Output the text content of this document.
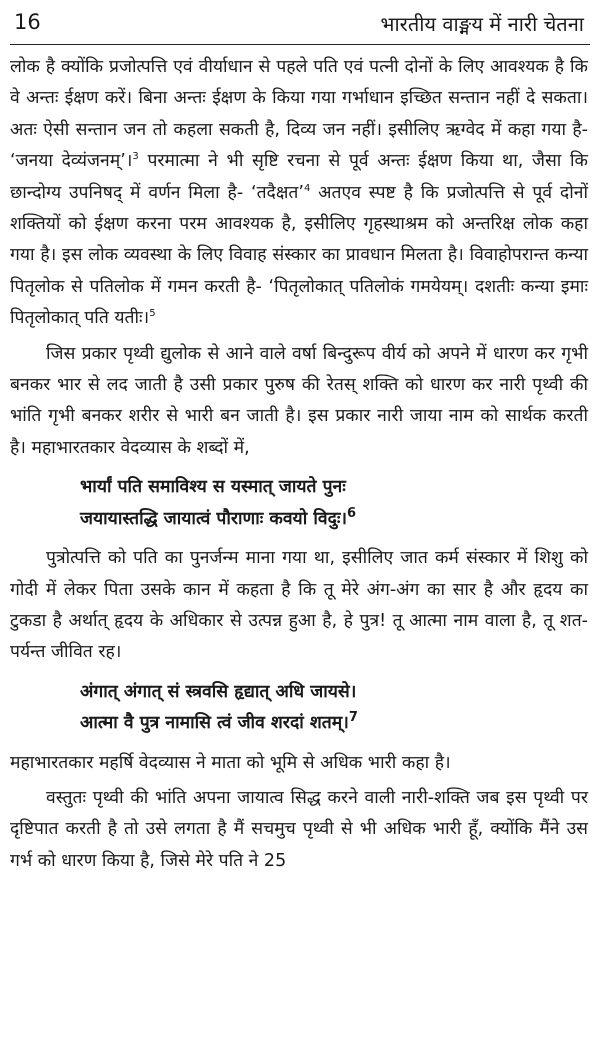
16	भारतीय वाङ्मय में नारी चेतना

लोक है क्योंकि प्रजोत्पत्ति एवं वीर्याधान से पहले पति एवं पत्नी दोनों के लिए आवश्यक है कि वे अन्तः ईक्षण करें। बिना अन्तः ईक्षण के किया गया गर्भाधान इच्छित सन्तान नहीं दे सकता। अतः ऐसी सन्तान जन तो कहला सकती है, दिव्य जन नहीं। इसीलिए ऋग्वेद में कहा गया है- ‘जनया देव्यंजनम्’।$^3$ परमात्मा ने भी सृष्टि रचना से पूर्व अन्तः ईक्षण किया था, जैसा कि छान्दोग्य उपनिषद् में वर्णन मिला है- ‘तदैक्षत’$^4$ अतएव स्पष्ट है कि प्रजोत्पत्ति से पूर्व दोनों शक्तियों को ईक्षण करना परम आवश्यक है, इसीलिए गृहस्थाश्रम को अन्तरिक्ष लोक कहा गया है। इस लोक व्यवस्था के लिए विवाह संस्कार का प्रावधान मिलता है। विवाहोपरान्त कन्या पितृलोक से पतिलोक में गमन करती है- ‘पितृलोकात् पतिलोकं गमयेयम्। दशतीः कन्या इमाः पितृलोकात् पति यतीः।$^5$

जिस प्रकार पृथ्वी द्युलोक से आने वाले वर्षा बिन्दुरूप वीर्य को अपने में धारण कर गृभी बनकर भार से लद जाती है उसी प्रकार पुरुष की रेतस् शक्ति को धारण कर नारी पृथ्वी की भांति गृभी बनकर शरीर से भारी बन जाती है। इस प्रकार नारी जाया नाम को सार्थक करती है। महाभारतकार वेदव्यास के शब्दों में,

भार्यां पति समाविश्य स यस्मात् जायते पुनः
जयायास्तद्धि जायात्वं पौराणाः कवयो विदुः।$^6$

पुत्रोत्पत्ति को पति का पुनर्जन्म माना गया था, इसीलिए जात कर्म संस्कार में शिशु को गोदी में लेकर पिता उसके कान में कहता है कि तू मेरे अंग-अंग का सार है और हृदय का टुकडा है अर्थात् हृदय के अधिकार से उत्पन्न हुआ है, हे पुत्र! तू आत्मा नाम वाला है, तू शत-पर्यन्त जीवित रह।

अंगात् अंगात् सं स्त्रवसि हृद्यात् अधि जायसे।
आत्मा वै पुत्र नामासि त्वं जीव शरदां शतम्।$^7$

महाभारतकार महर्षि वेदव्यास ने माता को भूमि से अधिक भारी कहा है।

वस्तुतः पृथ्वी की भांति अपना जायात्व सिद्ध करने वाली नारी-शक्ति जब इस पृथ्वी पर दृष्टिपात करती है तो उसे लगता है मैं सचमुच पृथ्वी से भी अधिक भारी हूँ, क्योंकि मैंने उस गर्भ को धारण किया है, जिसे मेरे पति ने 25
